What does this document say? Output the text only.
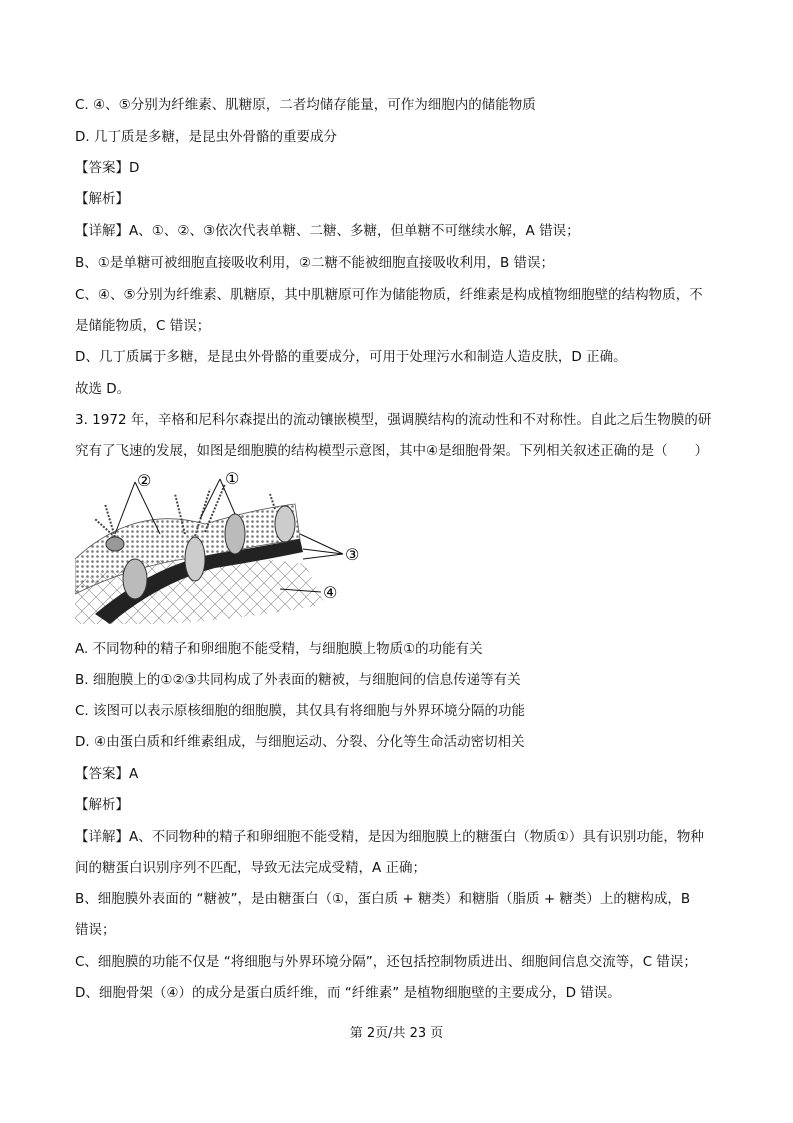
C. ④、⑤分别为纤维素、肌糖原，二者均储存能量，可作为细胞内的储能物质
D. 几丁质是多糖，是昆虫外骨骼的重要成分
【答案】D
【解析】
【详解】A、①、②、③依次代表单糖、二糖、多糖，但单糖不可继续水解，A 错误；
B、①是单糖可被细胞直接吸收利用，②二糖不能被细胞直接吸收利用，B 错误；
C、④、⑤分别为纤维素、肌糖原，其中肌糖原可作为储能物质，纤维素是构成植物细胞壁的结构物质，不
是储能物质，C 错误；
D、几丁质属于多糖，是昆虫外骨骼的重要成分，可用于处理污水和制造人造皮肤，D 正确。
故选 D。
3. 1972 年，辛格和尼科尔森提出的流动镶嵌模型，强调膜结构的流动性和不对称性。自此之后生物膜的研
究有了飞速的发展，如图是细胞膜的结构模型示意图，其中④是细胞骨架。下列相关叙述正确的是（　　）
②	①
③
④
A. 不同物种的精子和卵细胞不能受精，与细胞膜上物质①的功能有关
B. 细胞膜上的①②③共同构成了外表面的糖被，与细胞间的信息传递等有关
C. 该图可以表示原核细胞的细胞膜，其仅具有将细胞与外界环境分隔的功能
D. ④由蛋白质和纤维素组成，与细胞运动、分裂、分化等生命活动密切相关
【答案】A
【解析】
【详解】A、不同物种的精子和卵细胞不能受精，是因为细胞膜上的糖蛋白（物质①）具有识别功能，物种
间的糖蛋白识别序列不匹配，导致无法完成受精，A 正确；
B、细胞膜外表面的 “糖被”，是由糖蛋白（①，蛋白质 + 糖类）和糖脂（脂质 + 糖类）上的糖构成，B
错误；
C、细胞膜的功能不仅是 “将细胞与外界环境分隔”，还包括控制物质进出、细胞间信息交流等，C 错误；
D、细胞骨架（④）的成分是蛋白质纤维，而 “纤维素” 是植物细胞壁的主要成分，D 错误。
第 2页/共 23 页
